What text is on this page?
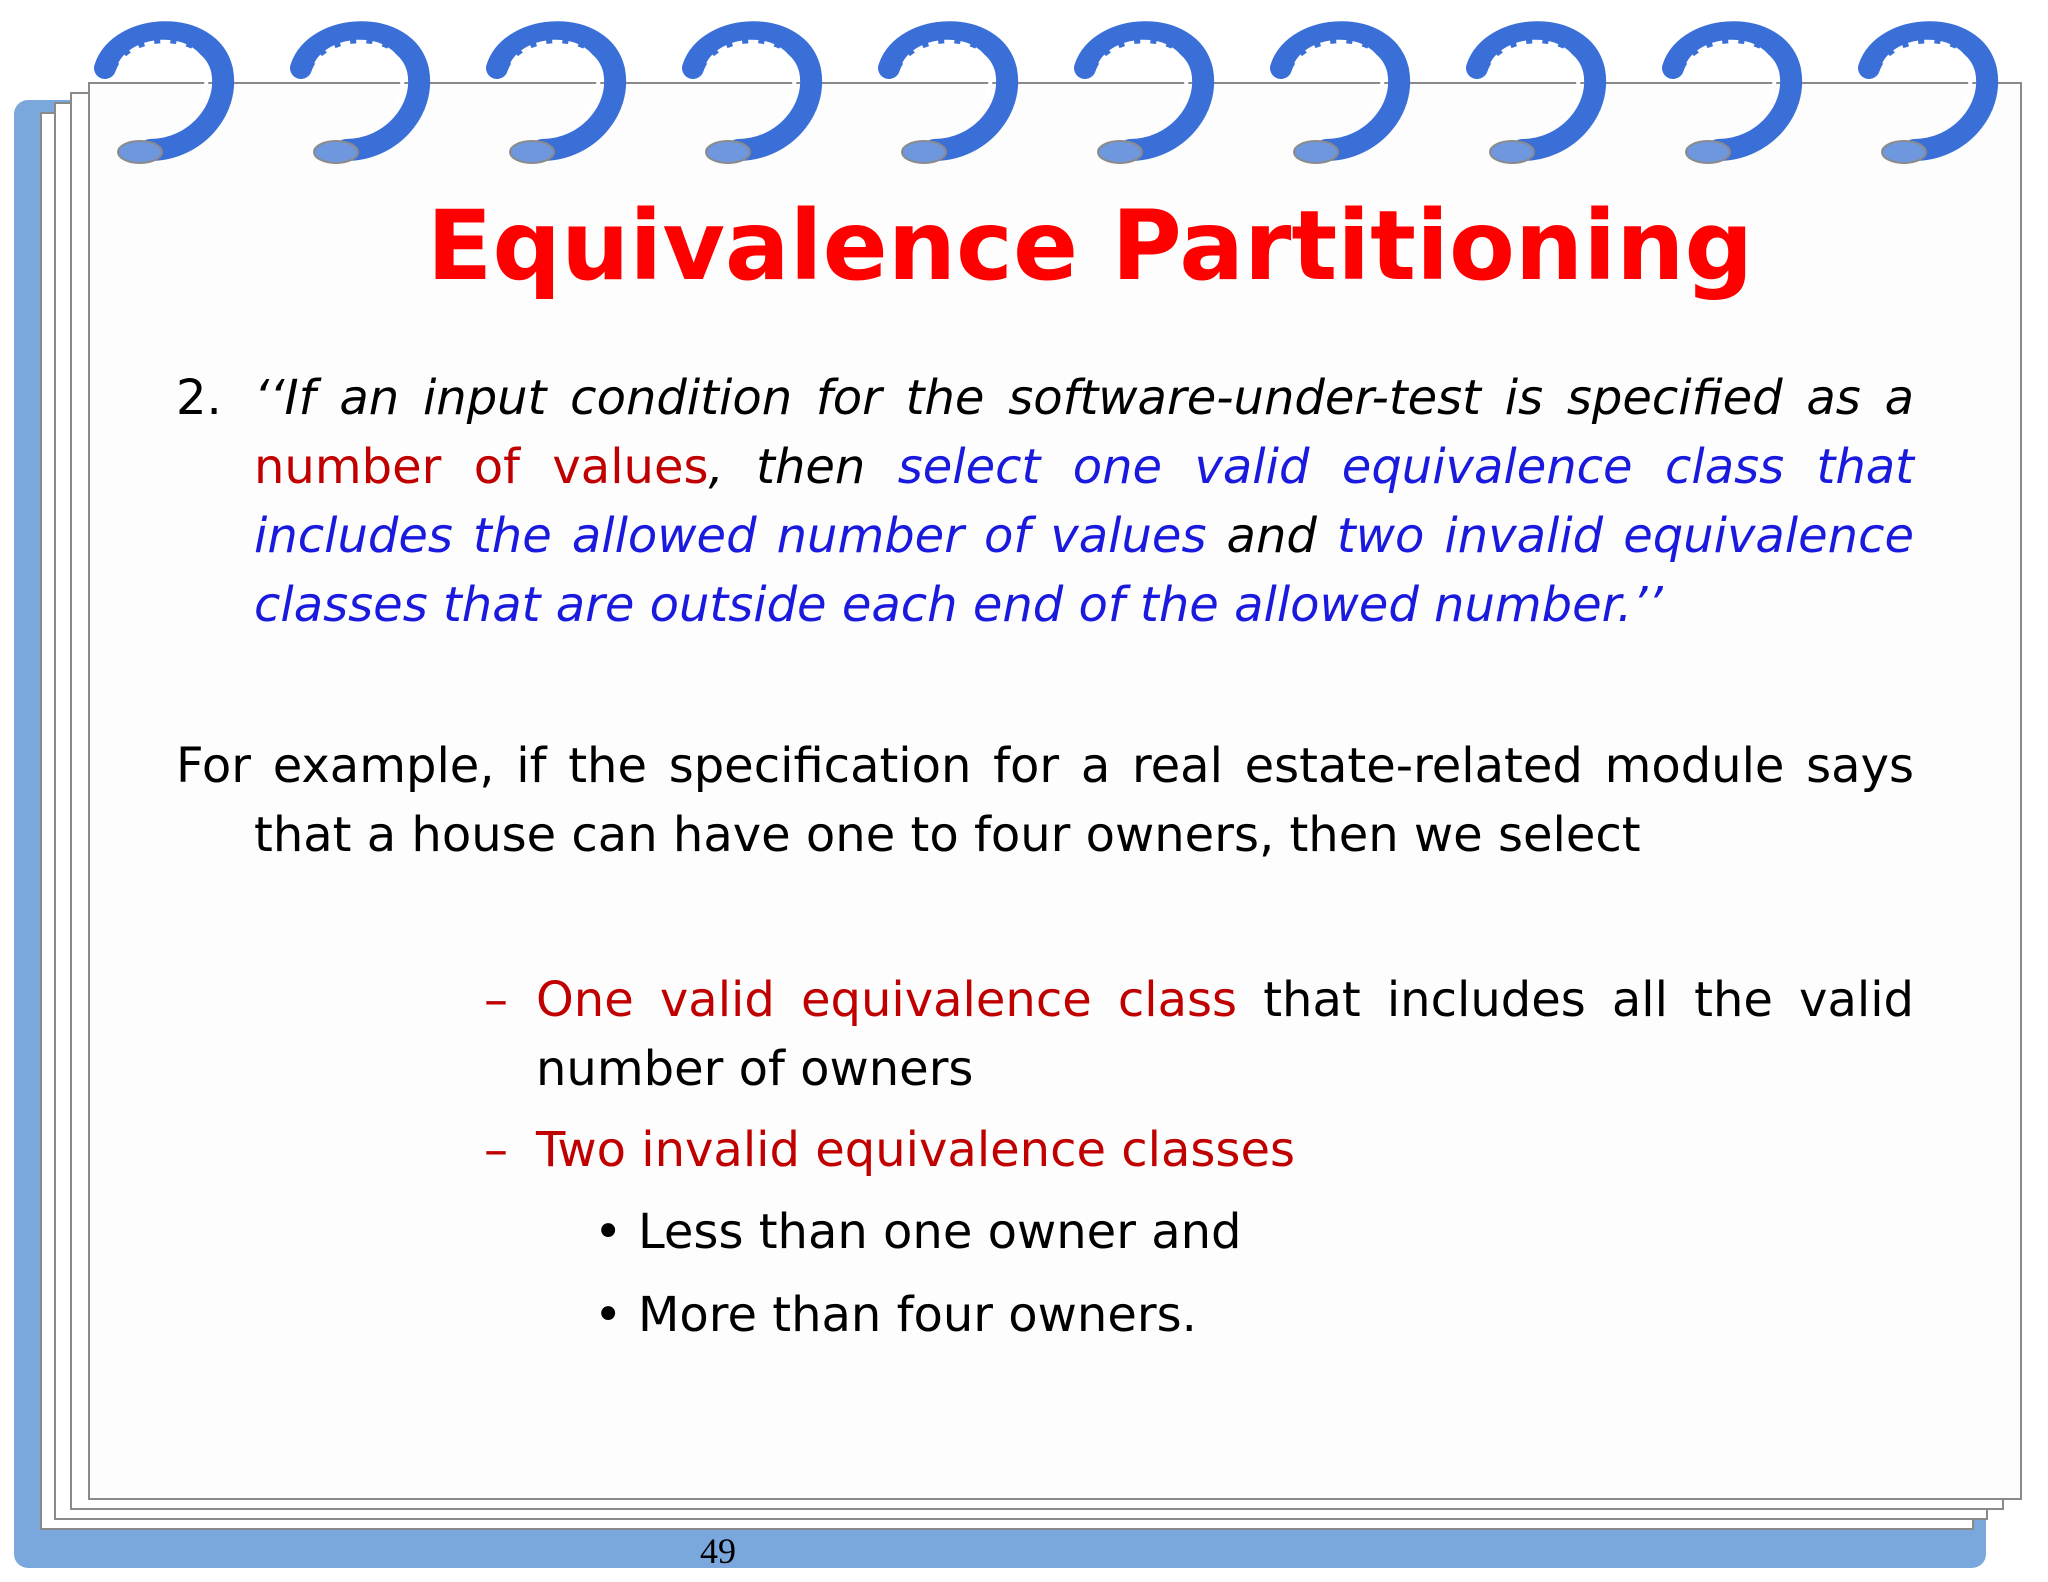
Equivalence Partitioning
2. ‘‘If an input condition for the software-under-test is specified as a number of values, then select one valid equivalence class that includes the allowed number of values and two invalid equivalence classes that are outside each end of the allowed number.’’
For example, if the specification for a real estate-related module says that a house can have one to four owners, then we select
– One valid equivalence class that includes all the valid number of owners
– Two invalid equivalence classes
• Less than one owner and
• More than four owners.
49
